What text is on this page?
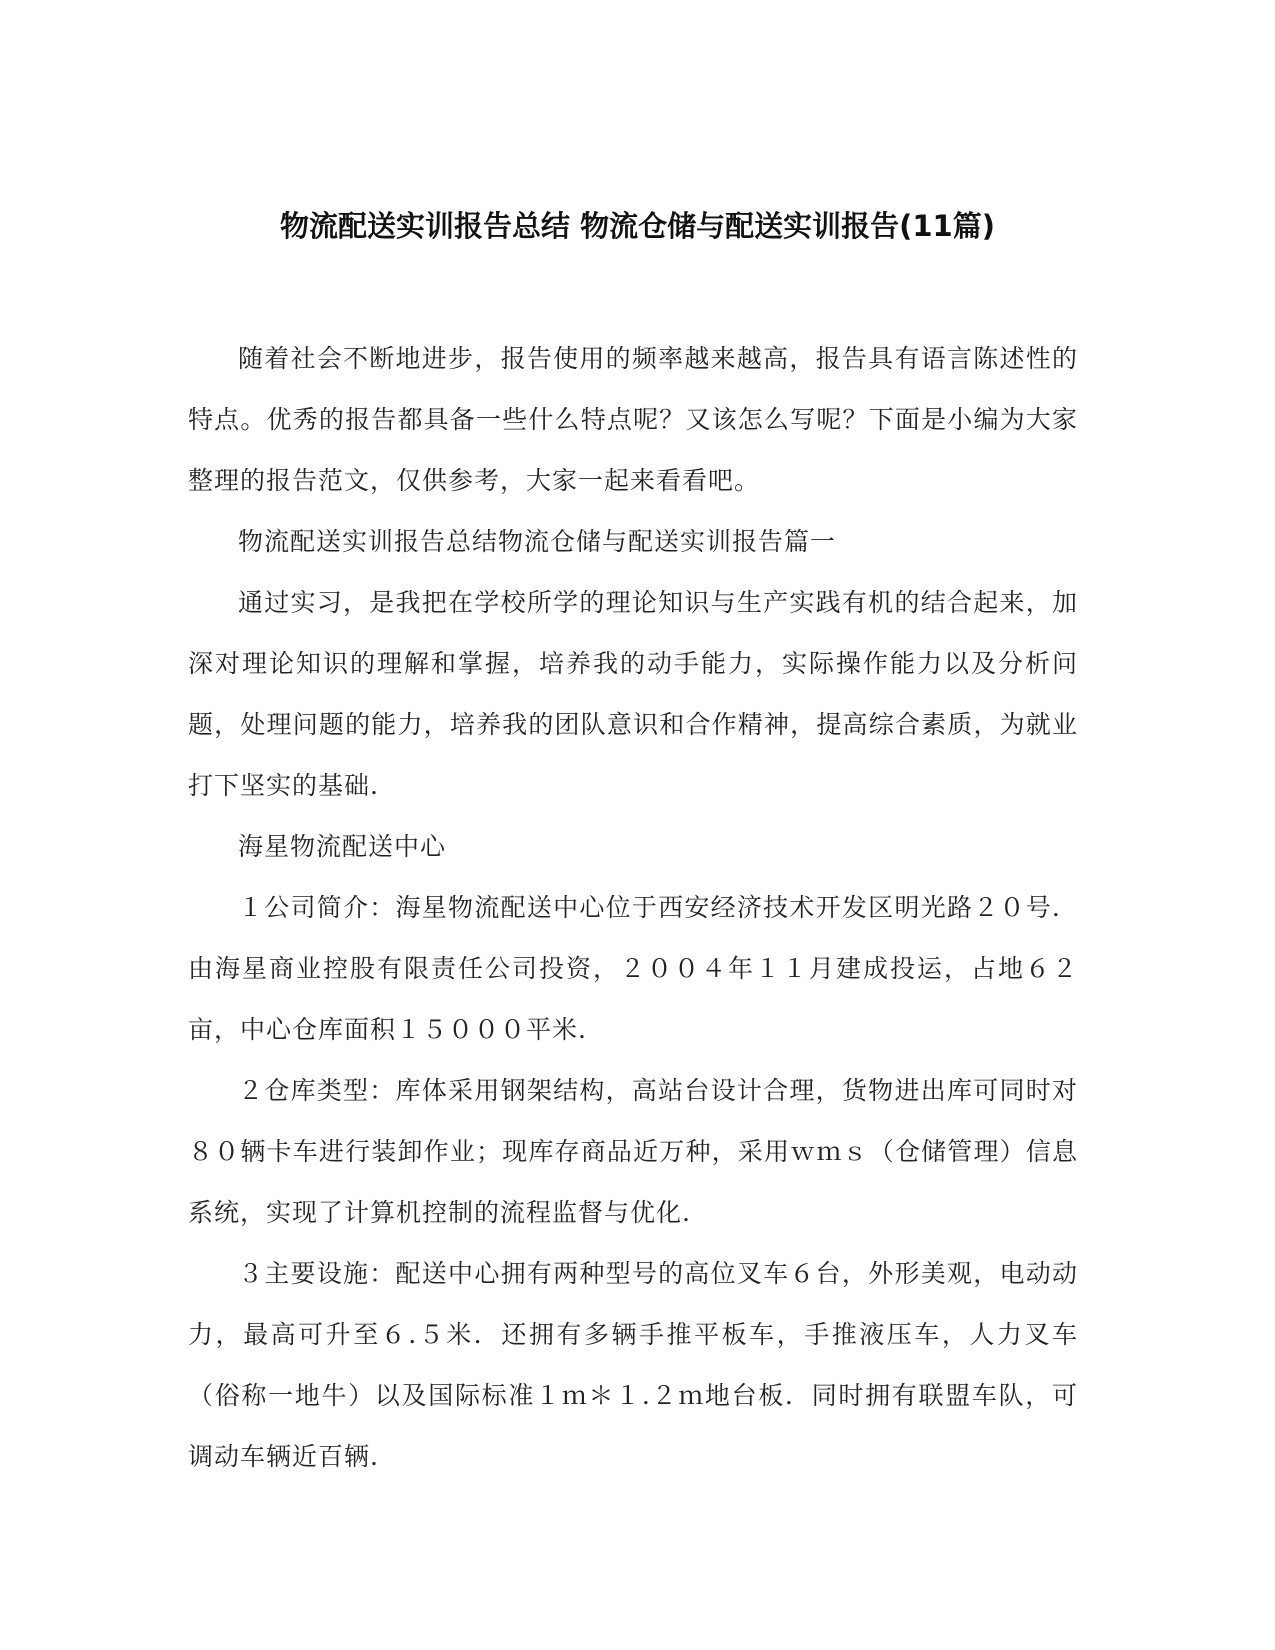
物流配送实训报告总结 物流仓储与配送实训报告(11篇)

随着社会不断地进步，报告使用的频率越来越高，报告具有语言陈述性的特点。优秀的报告都具备一些什么特点呢？又该怎么写呢？下面是小编为大家整理的报告范文，仅供参考，大家一起来看看吧。

物流配送实训报告总结物流仓储与配送实训报告篇一

通过实习，是我把在学校所学的理论知识与生产实践有机的结合起来，加深对理论知识的理解和掌握，培养我的动手能力，实际操作能力以及分析问题，处理问题的能力，培养我的团队意识和合作精神，提高综合素质，为就业打下坚实的基础.

海星物流配送中心

１公司简介：海星物流配送中心位于西安经济技术开发区明光路２０号．由海星商业控股有限责任公司投资，２００４年１１月建成投运，占地６２亩，中心仓库面积１５０００平米.

２仓库类型：库体采用钢架结构，高站台设计合理，货物进出库可同时对８０辆卡车进行装卸作业；现库存商品近万种，采用ｗｍｓ（仓储管理）信息系统，实现了计算机控制的流程监督与优化.

３主要设施：配送中心拥有两种型号的高位叉车６台，外形美观，电动动力，最高可升至６.５米．还拥有多辆手推平板车，手推液压车，人力叉车（俗称一地牛）以及国际标准１ｍ＊１.２ｍ地台板．同时拥有联盟车队，可调动车辆近百辆.
